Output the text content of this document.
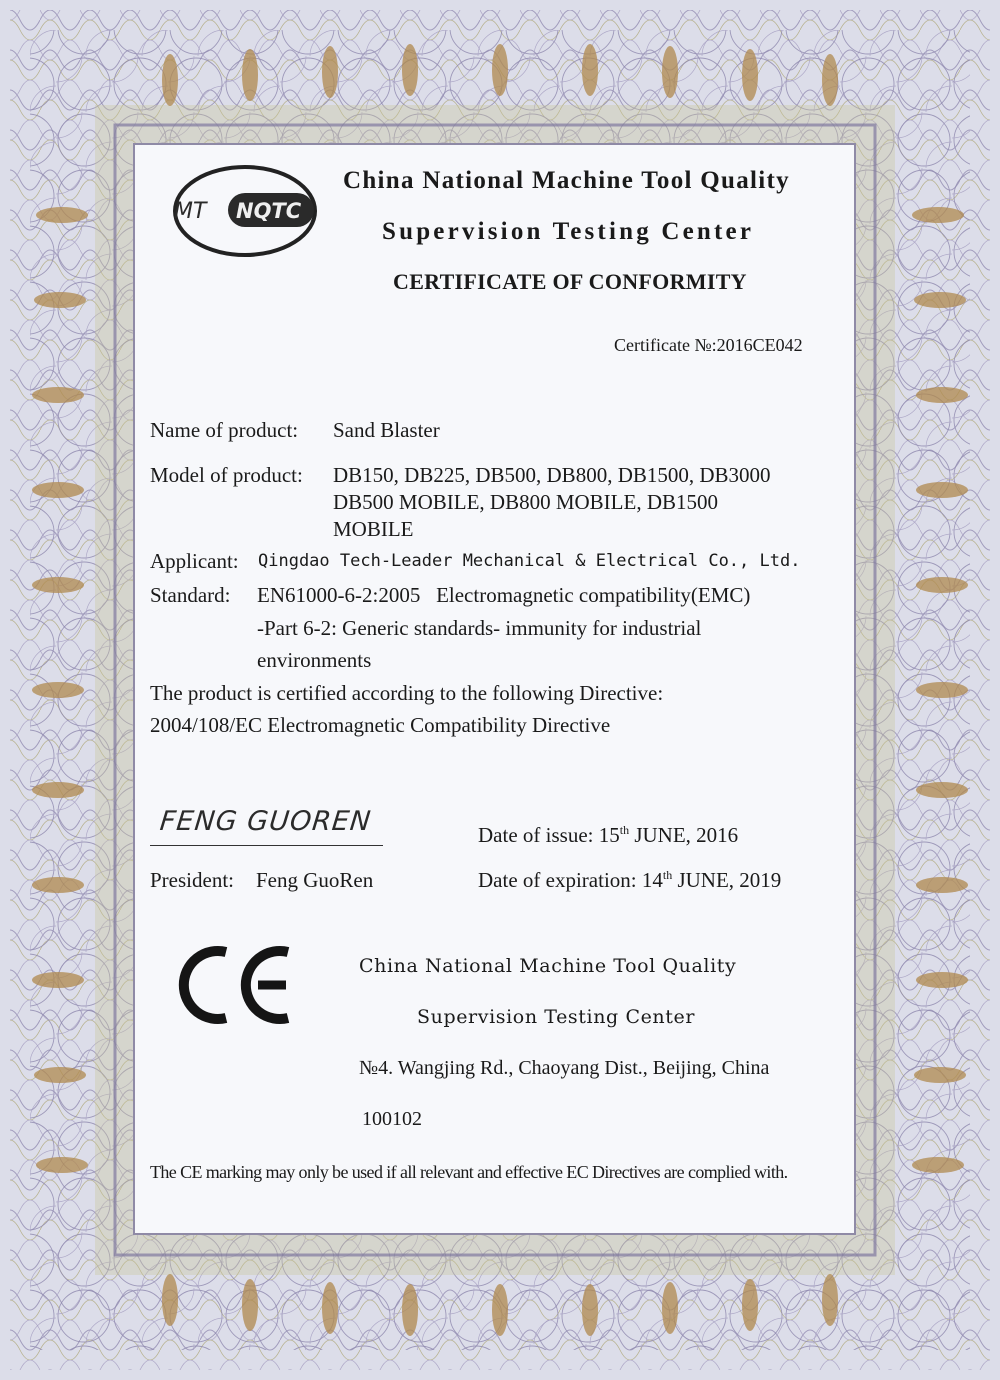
MT NQTC
China National Machine Tool Quality
Supervision Testing Center
CERTIFICATE OF CONFORMITY
Certificate №:2016CE042
Name of product: Sand Blaster
Model of product: DB150, DB225, DB500, DB800, DB1500, DB3000
DB500 MOBILE, DB800 MOBILE, DB1500
MOBILE
Applicant: Qingdao Tech-Leader Mechanical & Electrical Co., Ltd.
Standard: EN61000-6-2:2005   Electromagnetic compatibility(EMC)
-Part 6-2: Generic standards- immunity for industrial
environments
The product is certified according to the following Directive:
2004/108/EC Electromagnetic Compatibility Directive
FENG GUOREN
President: Feng GuoRen
Date of issue: 15th JUNE, 2016
Date of expiration: 14th JUNE, 2019
China National Machine Tool Quality
Supervision Testing Center
№4. Wangjing Rd., Chaoyang Dist., Beijing, China
100102
The CE marking may only be used if all relevant and effective EC Directives are complied with.
